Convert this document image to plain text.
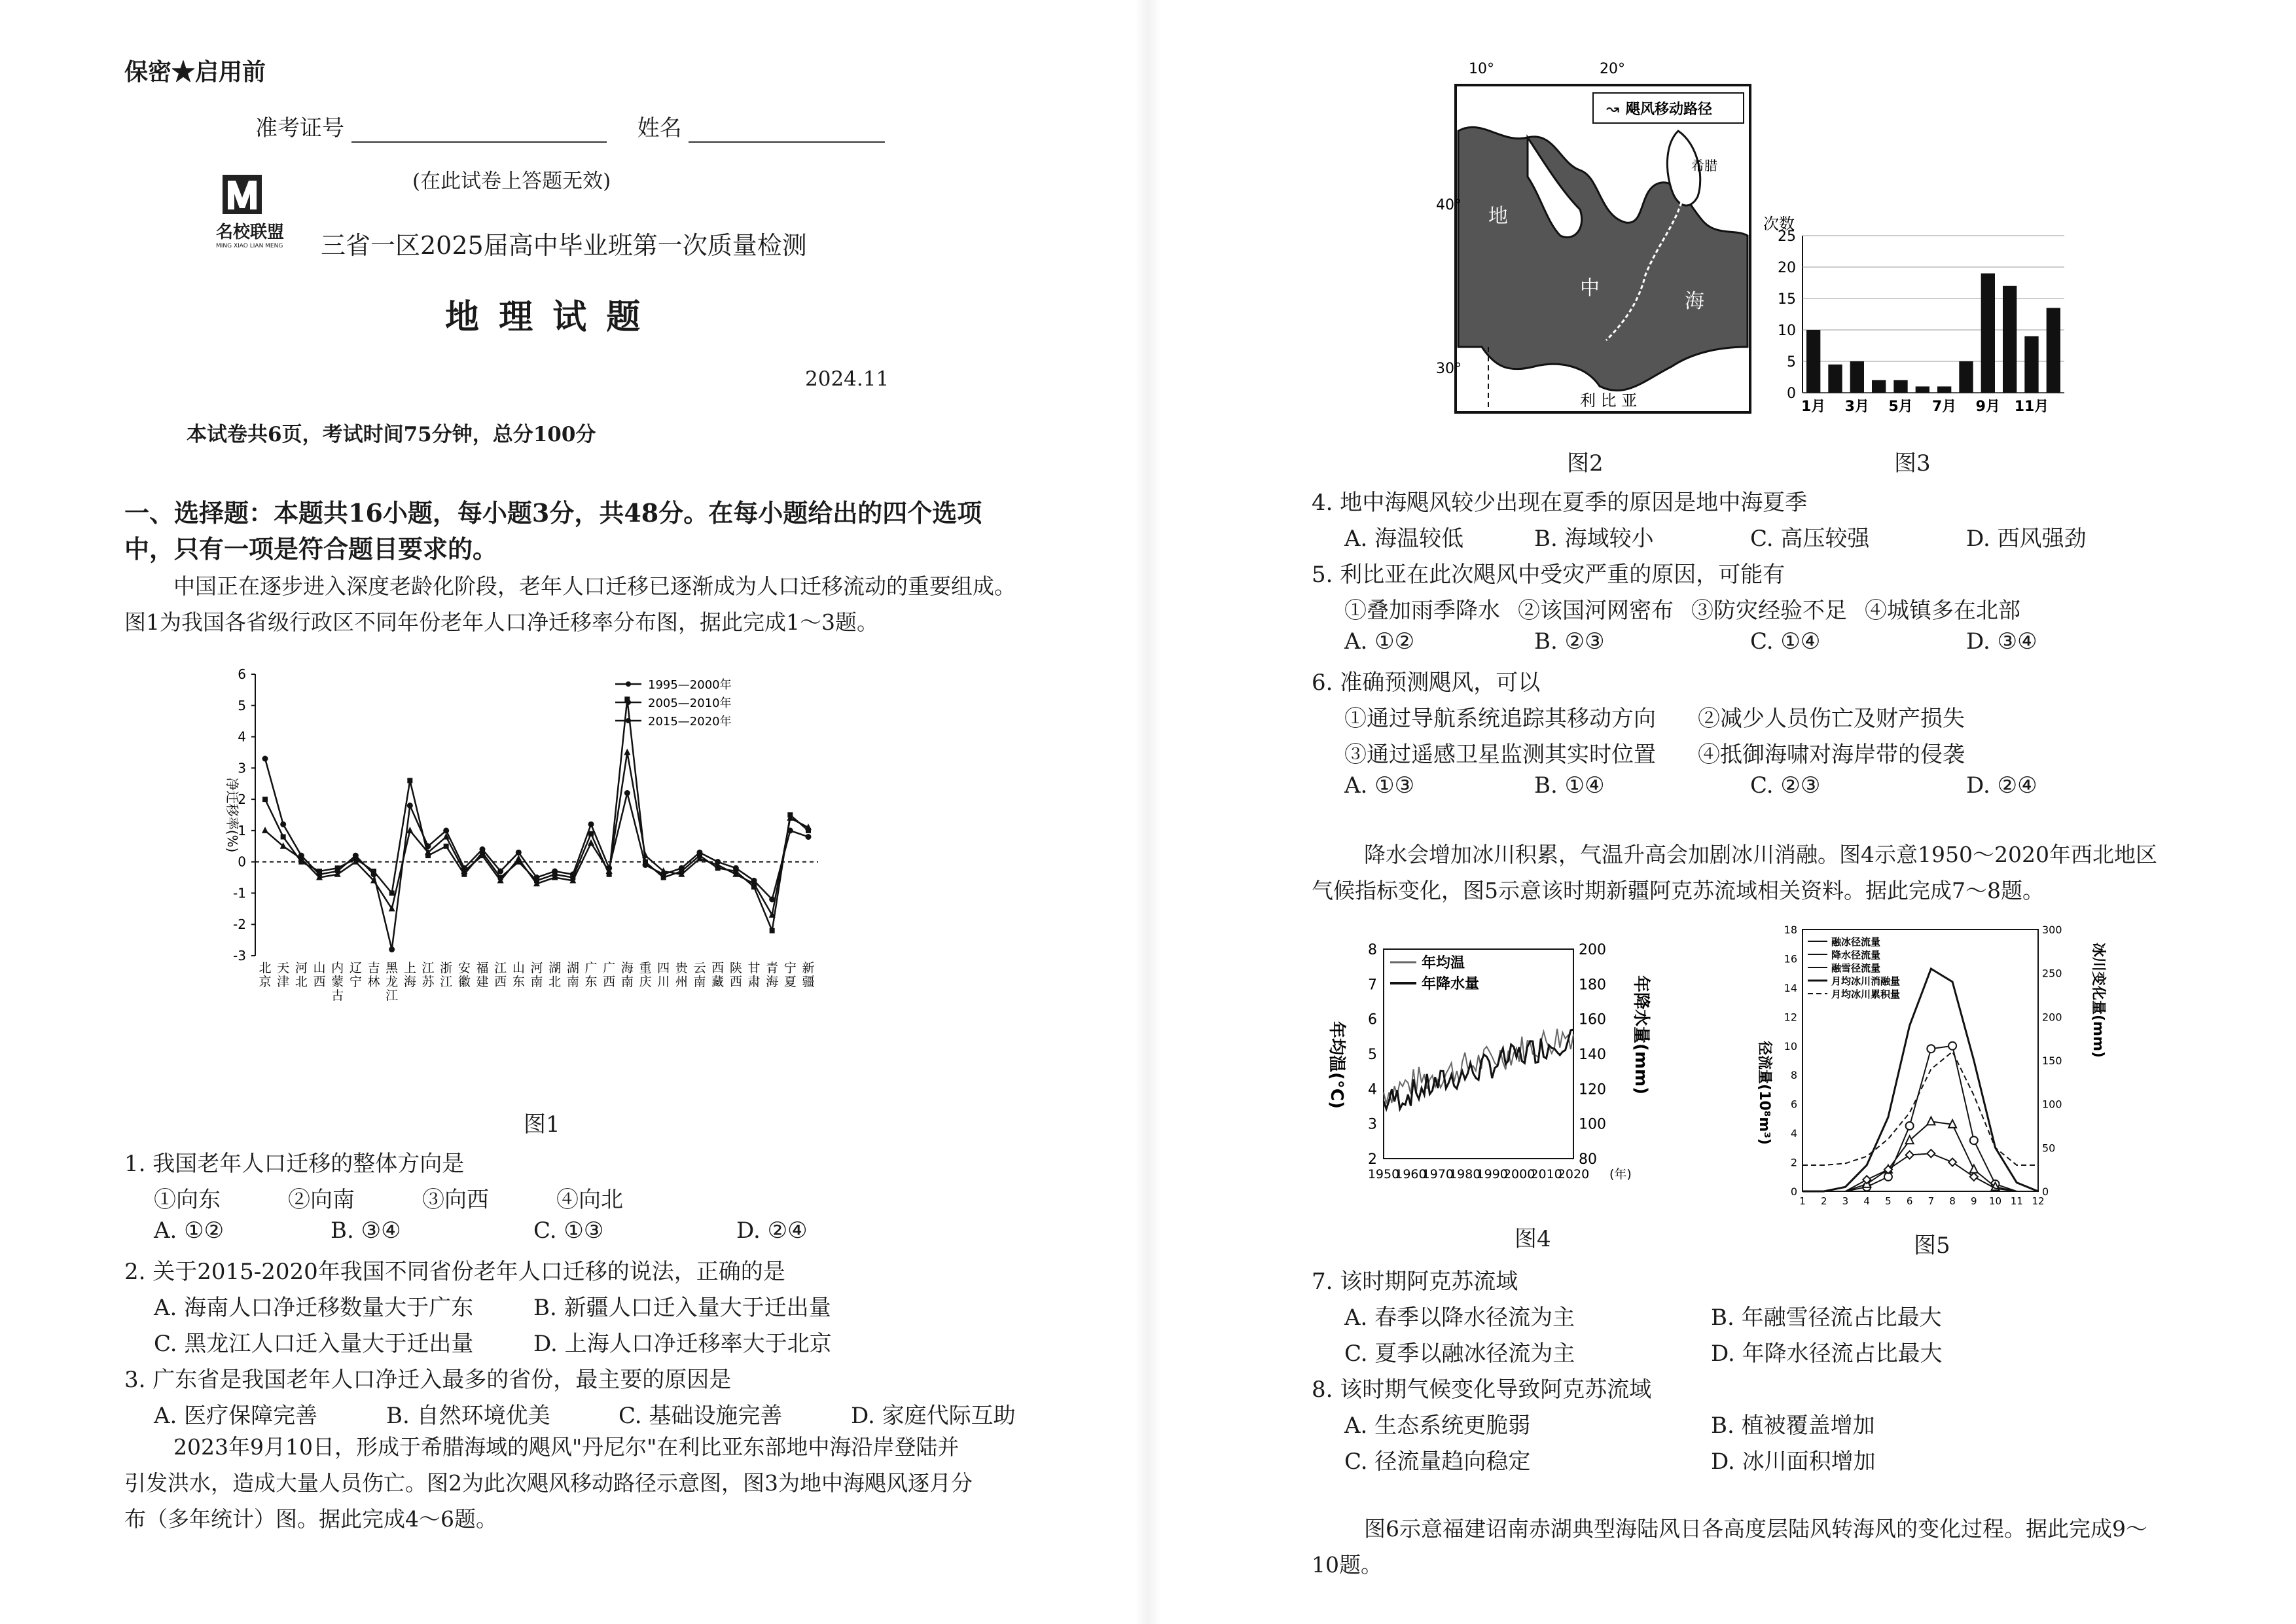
保密★启用前
准考证号	姓名
(在此试卷上答题无效)
名校联盟
MING XIAO LIAN MENG	三省一区2025届高中毕业班第一次质量检测
地 理 试 题
2024.11
本试卷共6页，考试时间75分钟，总分100分
一、选择题：本题共16小题，每小题3分，共48分。在每小题给出的四个选项
中，只有一项是符合题目要求的。
中国正在逐步进入深度老龄化阶段，老年人口迁移已逐渐成为人口迁移流动的重要组成。
图1为我国各省级行政区不同年份老年人口净迁移率分布图，据此完成1～3题。
-3
-2
-1
0
1
2
3
4
5
6
净迁移率(%)
1995—2000年
2005—2010年
2015—2020年
北京
天津
河北
山西
内蒙古
辽宁
吉林
黑龙江
上海
江苏
浙江
安徽
福建
江西
山东
河南
湖北
湖南
广东
广西
海南
重庆
四川
贵州
云南
西藏
陕西
甘肃
青海
宁夏
新疆
图1
1. 我国老年人口迁移的整体方向是
①向东	②向南	③向西	④向北
A. ①②	B. ③④	C. ①③	D. ②④
2. 关于2015-2020年我国不同省份老年人口迁移的说法，正确的是
A. 海南人口净迁移数量大于广东	B. 新疆人口迁入量大于迁出量
C. 黑龙江人口迁入量大于迁出量	D. 上海人口净迁移率大于北京
3. 广东省是我国老年人口净迁入最多的省份，最主要的原因是
A. 医疗保障完善	B. 自然环境优美	C. 基础设施完善	D. 家庭代际互助
2023年9月10日，形成于希腊海域的飓风"丹尼尔"在利比亚东部地中海沿岸登陆并
引发洪水，造成大量人员伤亡。图2为此次飓风移动路径示意图，图3为地中海飓风逐月分
布（多年统计）图。据此完成4～6题。
10°	20°
↝ 飓风移动路径
40°
30°
地
中
海
利 比 亚
希腊
图2
次数
0
5
10
15
20
25
1月 3月 5月 7月 9月 11月
图3
4. 地中海飓风较少出现在夏季的原因是地中海夏季
A. 海温较低	B. 海域较小	C. 高压较强	D. 西风强劲
5. 利比亚在此次飓风中受灾严重的原因，可能有
①叠加雨季降水 ②该国河网密布 ③防灾经验不足 ④城镇多在北部
A. ①②	B. ②③	C. ①④	D. ③④
6. 准确预测飓风，可以
①通过导航系统追踪其移动方向 ②减少人员伤亡及财产损失
③通过遥感卫星监测其实时位置 ④抵御海啸对海岸带的侵袭
A. ①③	B. ①④	C. ②③	D. ②④
降水会增加冰川积累，气温升高会加剧冰川消融。图4示意1950～2020年西北地区
气候指标变化，图5示意该时期新疆阿克苏流域相关资料。据此完成7～8题。
2
3
4
5
6
7
8
80
100
120
140
160
180
200
1950
1960
1970
1980
1990
2000
2010
2020 (年)
年均温(°C)	年降水量(mm)
年均温
年降水量
图4
0
2
4
6
8
10
12
14
16
18
0
50
100
150
200
250
300
1 2 3 4 5 6 7 8 9 10 11 12
径流量(10⁸m³)
冰川变化量(mm)
融冰径流量
降水径流量
融雪径流量
月均冰川消融量
月均冰川累积量
图5
7. 该时期阿克苏流域
A. 春季以降水径流为主	B. 年融雪径流占比最大
C. 夏季以融冰径流为主	D. 年降水径流占比最大
8. 该时期气候变化导致阿克苏流域
A. 生态系统更脆弱	B. 植被覆盖增加
C. 径流量趋向稳定	D. 冰川面积增加
图6示意福建诏南赤湖典型海陆风日各高度层陆风转海风的变化过程。据此完成9～
10题。
